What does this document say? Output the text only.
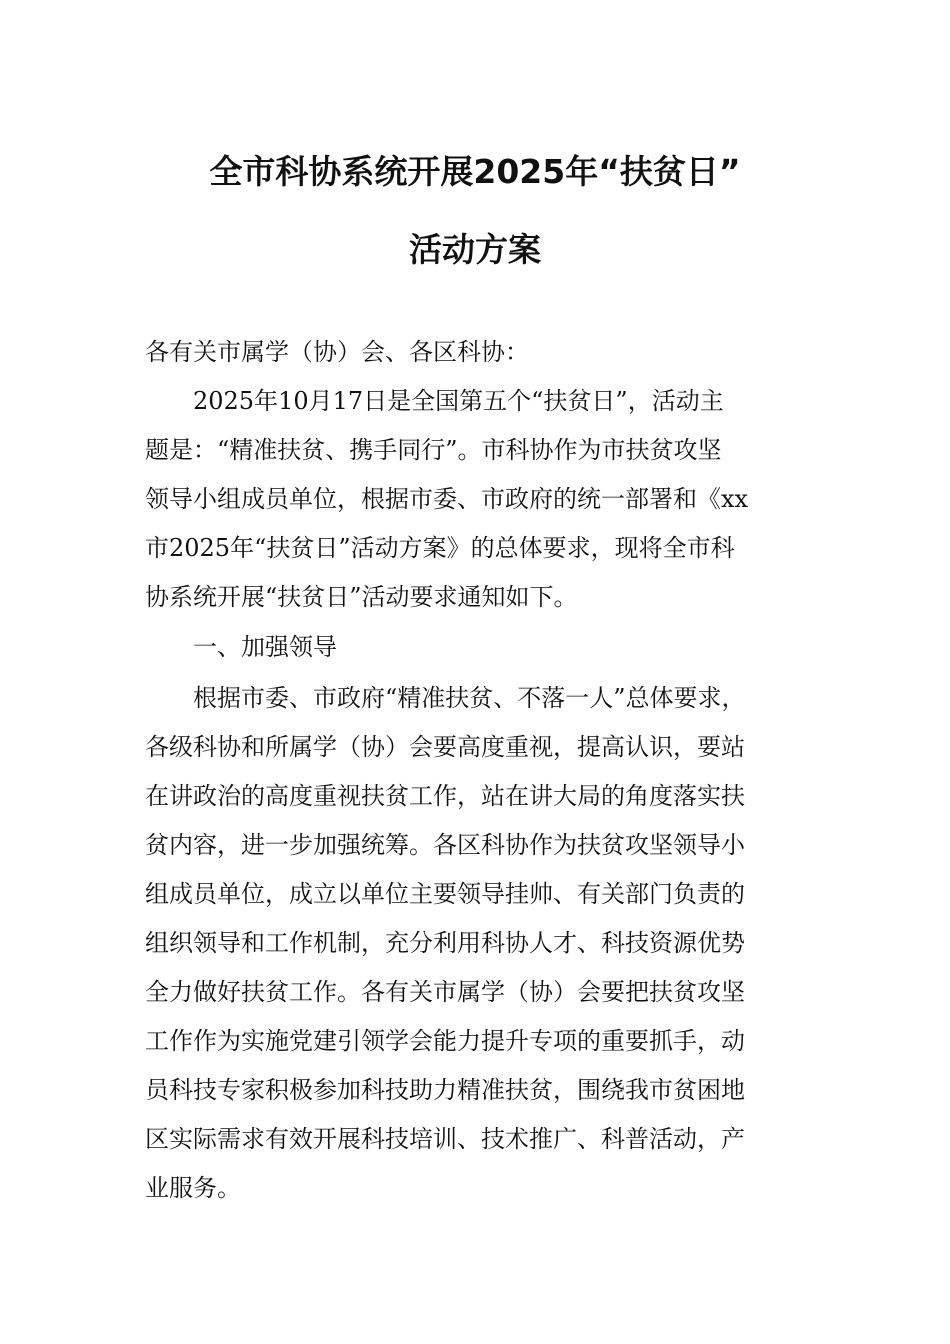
全市科协系统开展2025年“扶贫日”
活动方案
各有关市属学（协）会、各区科协：
2025年10月17日是全国第五个“扶贫日”，活动主
题是：“精准扶贫、携手同行”。市科协作为市扶贫攻坚
领导小组成员单位，根据市委、市政府的统一部署和《xx
市2025年“扶贫日”活动方案》的总体要求，现将全市科
协系统开展“扶贫日”活动要求通知如下。
一、加强领导
根据市委、市政府“精准扶贫、不落一人”总体要求，
各级科协和所属学（协）会要高度重视，提高认识，要站
在讲政治的高度重视扶贫工作，站在讲大局的角度落实扶
贫内容，进一步加强统筹。各区科协作为扶贫攻坚领导小
组成员单位，成立以单位主要领导挂帅、有关部门负责的
组织领导和工作机制，充分利用科协人才、科技资源优势
全力做好扶贫工作。各有关市属学（协）会要把扶贫攻坚
工作作为实施党建引领学会能力提升专项的重要抓手，动
员科技专家积极参加科技助力精准扶贫，围绕我市贫困地
区实际需求有效开展科技培训、技术推广、科普活动，产
业服务。
